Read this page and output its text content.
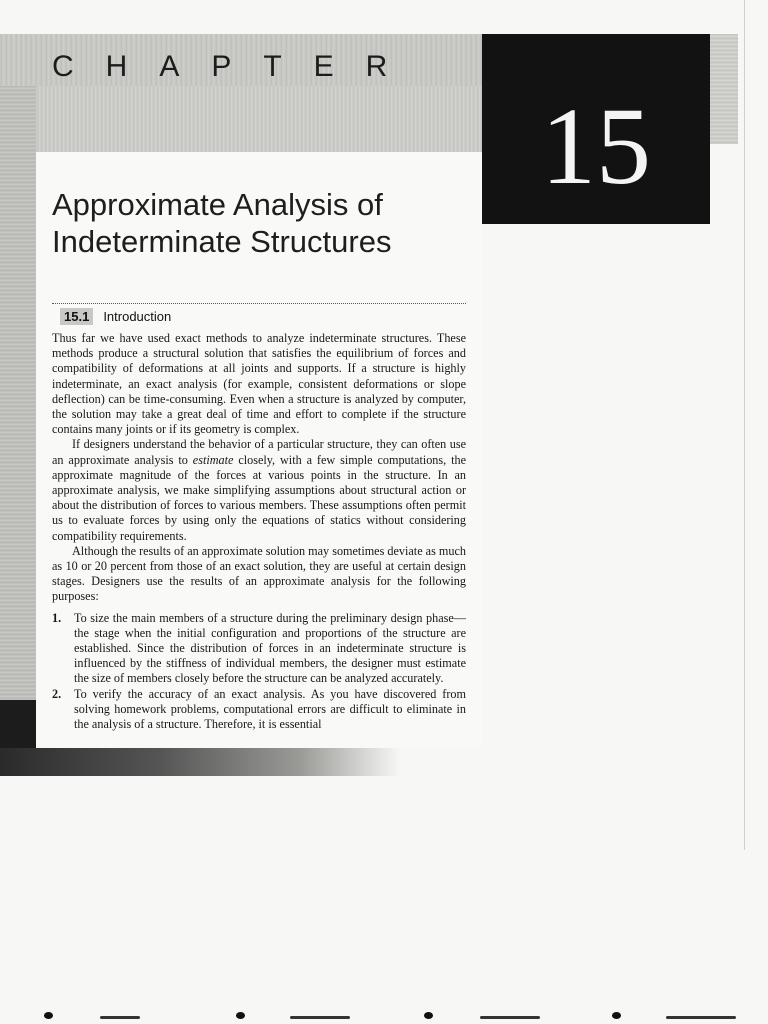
CHAPTER
15
Approximate Analysis of
Indeterminate Structures
15.1 Introduction

Thus far we have used exact methods to analyze indeterminate structures. These methods produce a structural solution that satisfies the equilibrium of forces and compatibility of deformations at all joints and supports. If a structure is highly indeterminate, an exact analysis (for example, consistent deformations or slope deflection) can be time-consuming. Even when a structure is analyzed by computer, the solution may take a great deal of time and effort to complete if the structure contains many joints or if its geometry is complex.

If designers understand the behavior of a particular structure, they can often use an approximate analysis to estimate closely, with a few simple computations, the approximate magnitude of the forces at various points in the structure. In an approximate analysis, we make simplifying assumptions about structural action or about the distribution of forces to various members. These assumptions often permit us to evaluate forces by using only the equations of statics without considering compatibility requirements.

Although the results of an approximate solution may sometimes deviate as much as 10 or 20 percent from those of an exact solution, they are useful at certain design stages. Designers use the results of an approximate analysis for the following purposes:

1. To size the main members of a structure during the preliminary design phase—the stage when the initial configuration and proportions of the structure are established. Since the distribution of forces in an indeterminate structure is influenced by the stiffness of individual members, the designer must estimate the size of members closely before the structure can be analyzed accurately.
2. To verify the accuracy of an exact analysis. As you have discovered from solving homework problems, computational errors are difficult to eliminate in the analysis of a structure. Therefore, it is essential
